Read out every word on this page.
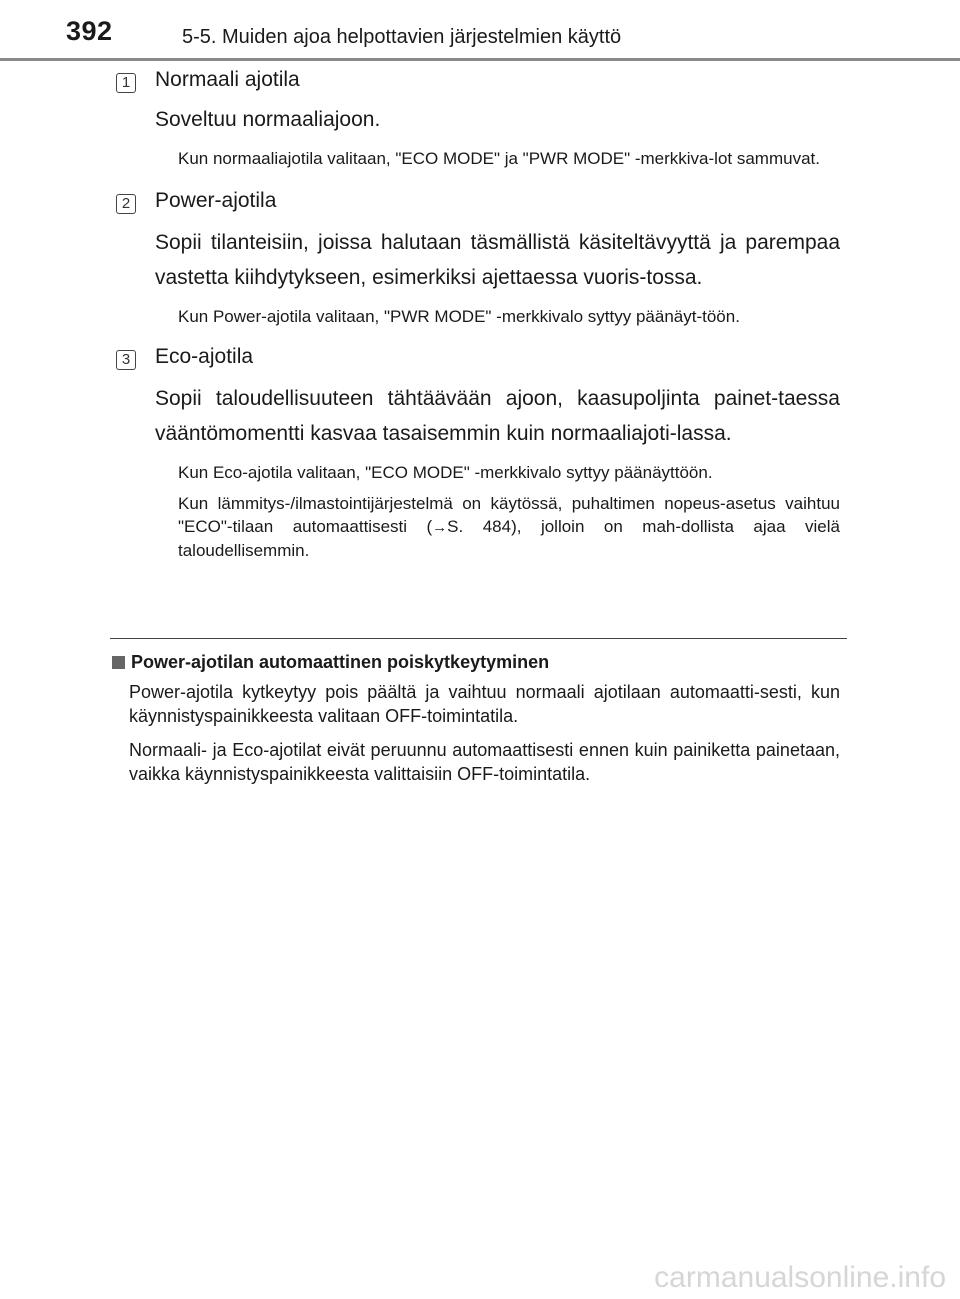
392	5-5. Muiden ajoa helpottavien järjestelmien käyttö
1 Normaali ajotila
Soveltuu normaaliajoon.
Kun normaaliajotila valitaan, "ECO MODE" ja "PWR MODE" -merkkiva-lot sammuvat.
2 Power-ajotila
Sopii tilanteisiin, joissa halutaan täsmällistä käsiteltävyyttä ja parempaa vastetta kiihdytykseen, esimerkiksi ajettaessa vuoris-tossa.
Kun Power-ajotila valitaan, "PWR MODE" -merkkivalo syttyy päänäyt-töön.
3 Eco-ajotila
Sopii taloudellisuuteen tähtäävään ajoon, kaasupoljinta painet-taessa vääntömomentti kasvaa tasaisemmin kuin normaaliajoti-lassa.
Kun Eco-ajotila valitaan, "ECO MODE" -merkkivalo syttyy päänäyttöön.
Kun lämmitys-/ilmastointijärjestelmä on käytössä, puhaltimen nopeus-asetus vaihtuu "ECO"-tilaan automaattisesti (→S. 484), jolloin on mah-dollista ajaa vielä taloudellisemmin.
Power-ajotilan automaattinen poiskytkeytyminen
Power-ajotila kytkeytyy pois päältä ja vaihtuu normaali ajotilaan automaatti-sesti, kun käynnistyspainikkeesta valitaan OFF-toimintatila.
Normaali- ja Eco-ajotilat eivät peruunnu automaattisesti ennen kuin painiketta painetaan, vaikka käynnistyspainikkeesta valittaisiin OFF-toimintatila.
carmanualsonline.info
